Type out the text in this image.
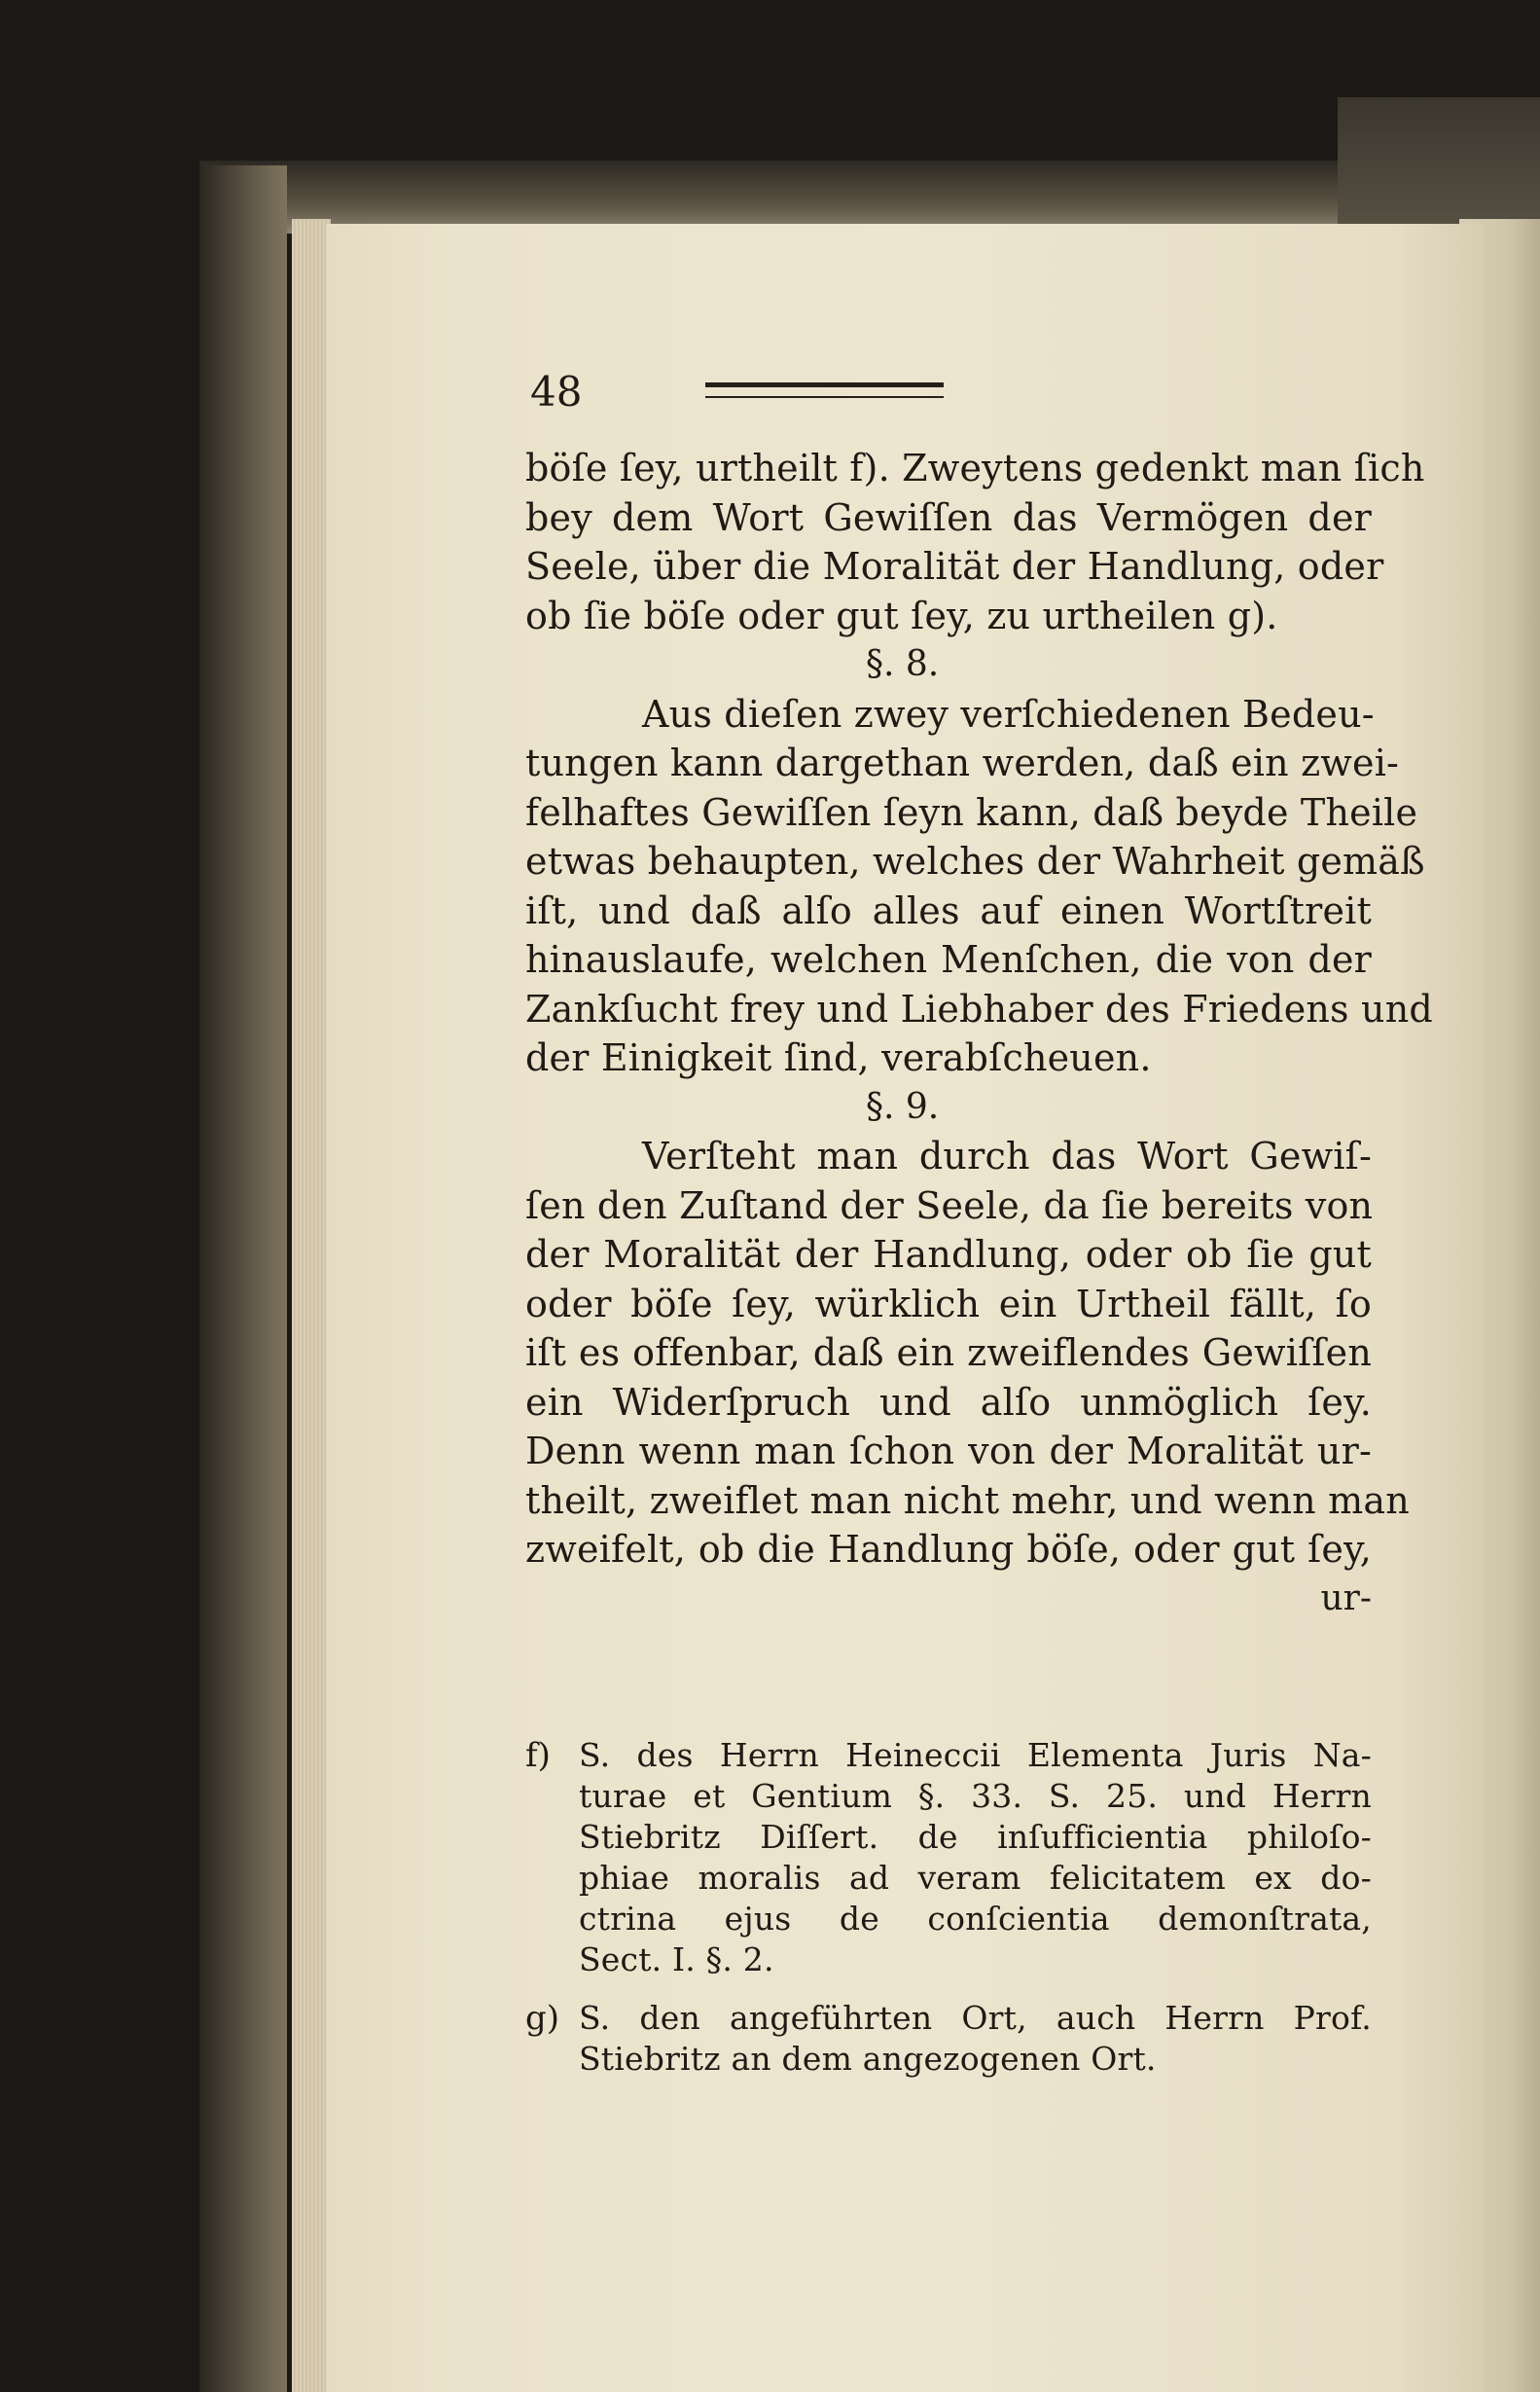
48
böſe ſey, urtheilt f). Zweytens gedenkt man ſich
bey dem Wort Gewiſſen das Vermögen der
Seele, über die Moralität der Handlung, oder
ob ſie böſe oder gut ſey, zu urtheilen g).
§. 8.
Aus dieſen zwey verſchiedenen Bedeu-
tungen kann dargethan werden, daß ein zwei-
felhaftes Gewiſſen ſeyn kann, daß beyde Theile
etwas behaupten, welches der Wahrheit gemäß
iſt, und daß alſo alles auf einen Wortſtreit
hinauslaufe, welchen Menſchen, die von der
Zankſucht frey und Liebhaber des Friedens und
der Einigkeit ſind, verabſcheuen.
§. 9.
Verſteht man durch das Wort Gewiſ-
ſen den Zuſtand der Seele, da ſie bereits von
der Moralität der Handlung, oder ob ſie gut
oder böſe ſey, würklich ein Urtheil fällt, ſo
iſt es offenbar, daß ein zweiflendes Gewiſſen
ein Widerſpruch und alſo unmöglich ſey.
Denn wenn man ſchon von der Moralität ur-
theilt, zweiflet man nicht mehr, und wenn man
zweifelt, ob die Handlung böſe, oder gut ſey,
ur-
f) S. des Herrn Heineccii Elementa Juris Na-
turae et Gentium §. 33. S. 25. und Herrn
Stiebritz Diſſert. de inſufficientia philoſo-
phiae moralis ad veram felicitatem ex do-
ctrina ejus de conſcientia demonſtrata,
Sect. I. §. 2.
g) S. den angeführten Ort, auch Herrn Prof.
Stiebritz an dem angezogenen Ort.
